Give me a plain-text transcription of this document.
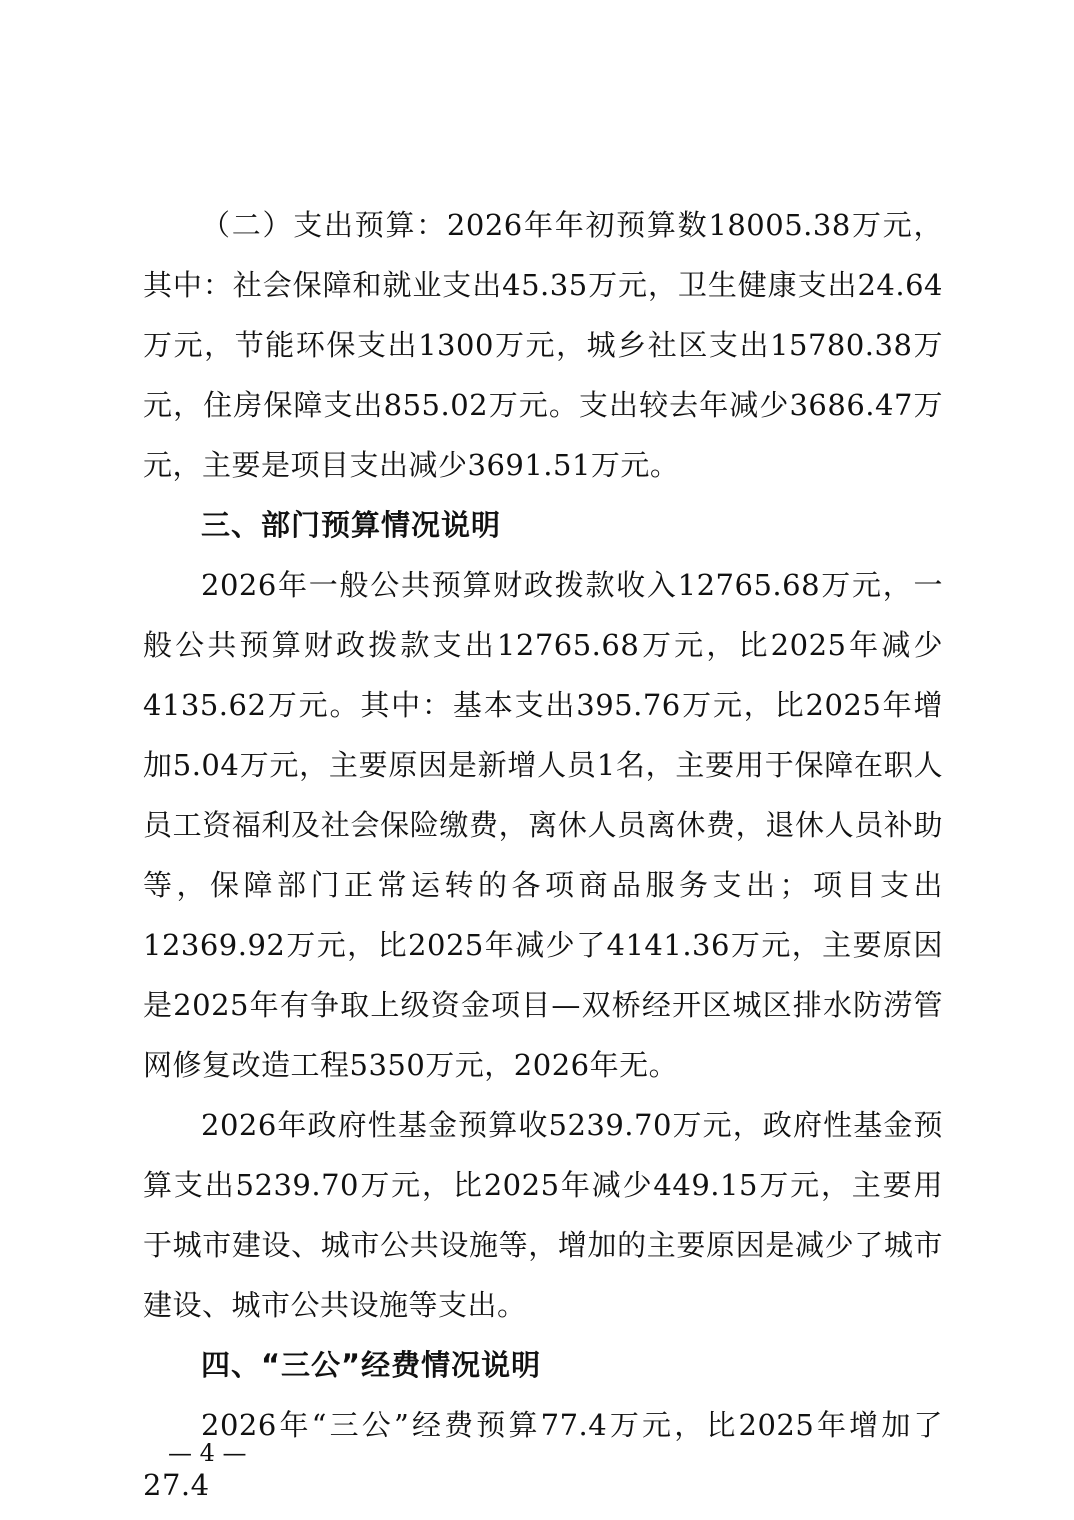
（二）支出预算：2026年年初预算数18005.38万元，其中：社会保障和就业支出45.35万元，卫生健康支出24.64万元，节能环保支出1300万元，城乡社区支出15780.38万元，住房保障支出855.02万元。支出较去年减少3686.47万元，主要是项目支出减少3691.51万元。

三、部门预算情况说明

2026年一般公共预算财政拨款收入12765.68万元，一般公共预算财政拨款支出12765.68万元，比2025年减少4135.62万元。其中：基本支出395.76万元，比2025年增加5.04万元，主要原因是新增人员1名，主要用于保障在职人员工资福利及社会保险缴费，离休人员离休费，退休人员补助等，保障部门正常运转的各项商品服务支出；项目支出12369.92万元，比2025年减少了4141.36万元，主要原因是2025年有争取上级资金项目—双桥经开区城区排水防涝管网修复改造工程5350万元，2026年无。

2026年政府性基金预算收5239.70万元，政府性基金预算支出5239.70万元，比2025年减少449.15万元，主要用于城市建设、城市公共设施等，增加的主要原因是减少了城市建设、城市公共设施等支出。

四、“三公”经费情况说明

2026年“三公”经费预算77.4万元，比2025年增加了27.4

— 4 —
